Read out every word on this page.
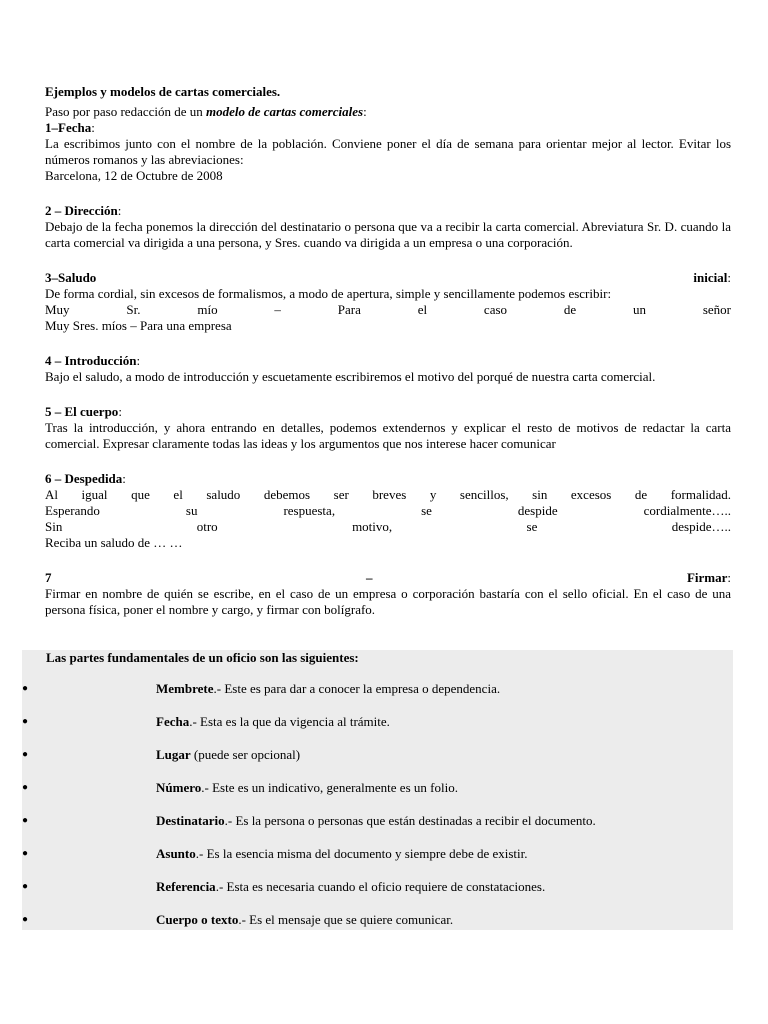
Ejemplos y modelos de cartas comerciales.

Paso por paso redacción de un modelo de cartas comerciales:

1–Fecha:

La escribimos junto con el nombre de la población. Conviene poner el día de semana para orientar mejor al lector. Evitar los números romanos y las abreviaciones:

Barcelona, 12 de Octubre de 2008

2 – Dirección:

Debajo de la fecha ponemos la dirección del destinatario o persona que va a recibir la carta comercial. Abreviatura Sr. D. cuando la carta comercial va dirigida a una persona, y Sres. cuando va dirigida a un empresa o una corporación.

3–Saludo	inicial:

De forma cordial, sin excesos de formalismos, a modo de apertura, simple y sencillamente podemos escribir:

Muy Sr. mío – Para el caso de un señor

Muy Sres. míos – Para una empresa

4 – Introducción:

Bajo el saludo, a modo de introducción y escuetamente escribiremos el motivo del porqué de nuestra carta comercial.

5 – El cuerpo:

Tras la introducción, y ahora entrando en detalles, podemos extendernos y explicar el resto de motivos de redactar la carta comercial. Expresar claramente todas las ideas y los argumentos que nos interese hacer comunicar

6 – Despedida:

Al igual que el saludo debemos ser breves y sencillos, sin excesos de formalidad.

Esperando su respuesta, se despide cordialmente…..

Sin otro motivo, se despide…..

Reciba un saludo de … …

7	–	Firmar:

Firmar en nombre de quién se escribe, en el caso de un empresa o corporación bastaría con el sello oficial. En el caso de una persona física, poner el nombre y cargo, y firmar con bolígrafo.

Las partes fundamentales de un oficio son las siguientes:

●	Membrete.- Este es para dar a conocer la empresa o dependencia.
●	Fecha.- Esta es la que da vigencia al trámite.
●	Lugar (puede ser opcional)
●	Número.- Este es un indicativo, generalmente es un folio.
●	Destinatario.- Es la persona o personas que están destinadas a recibir el documento.
●	Asunto.- Es la esencia misma del documento y siempre debe de existir.
●	Referencia.- Esta es necesaria cuando el oficio requiere de constataciones.
●	Cuerpo o texto.- Es el mensaje que se quiere comunicar.
